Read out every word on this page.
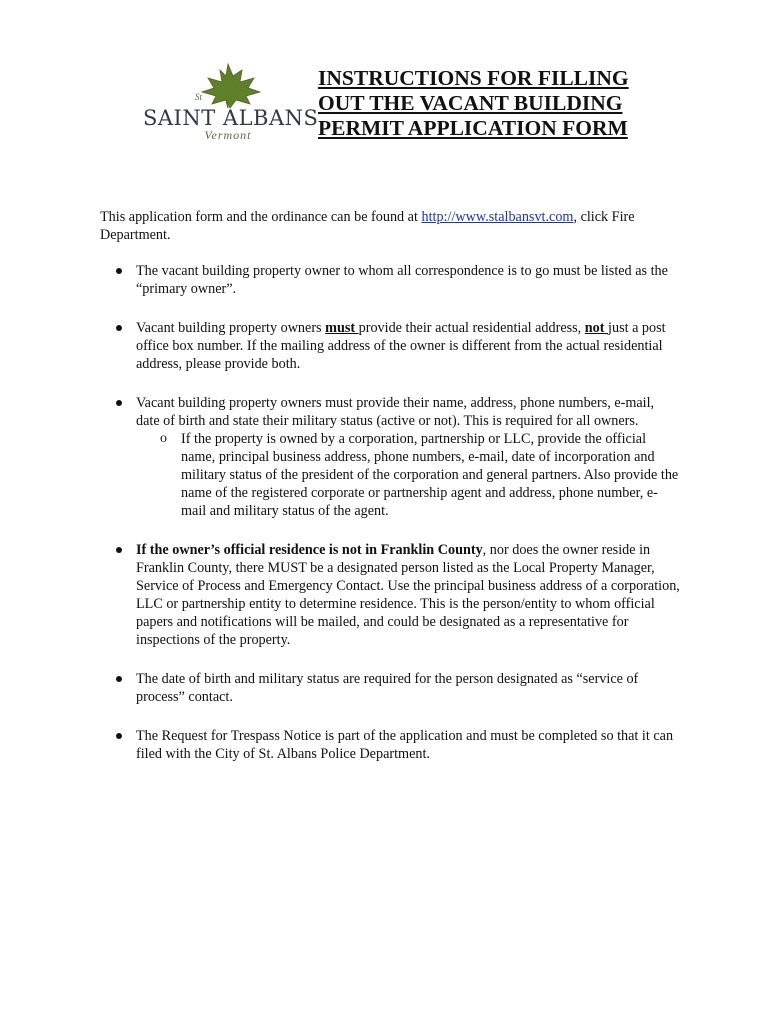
St
SAINT ALBANS
Vermont
INSTRUCTIONS FOR FILLING
OUT THE VACANT BUILDING
PERMIT APPLICATION FORM
This application form and the ordinance can be found at http://www.stalbansvt.com, click Fire Department.
The vacant building property owner to whom all correspondence is to go must be listed as the “primary owner”.
Vacant building property owners must provide their actual residential address, not just a post office box number. If the mailing address of the owner is different from the actual residential address, please provide both.
Vacant building property owners must provide their name, address, phone numbers, e-mail, date of birth and state their military status (active or not). This is required for all owners.
o If the property is owned by a corporation, partnership or LLC, provide the official name, principal business address, phone numbers, e-mail, date of incorporation and military status of the president of the corporation and general partners. Also provide the name of the registered corporate or partnership agent and address, phone number, e-mail and military status of the agent.
If the owner’s official residence is not in Franklin County, nor does the owner reside in Franklin County, there MUST be a designated person listed as the Local Property Manager, Service of Process and Emergency Contact. Use the principal business address of a corporation, LLC or partnership entity to determine residence. This is the person/entity to whom official papers and notifications will be mailed, and could be designated as a representative for inspections of the property.
The date of birth and military status are required for the person designated as “service of process” contact.
The Request for Trespass Notice is part of the application and must be completed so that it can filed with the City of St. Albans Police Department.
